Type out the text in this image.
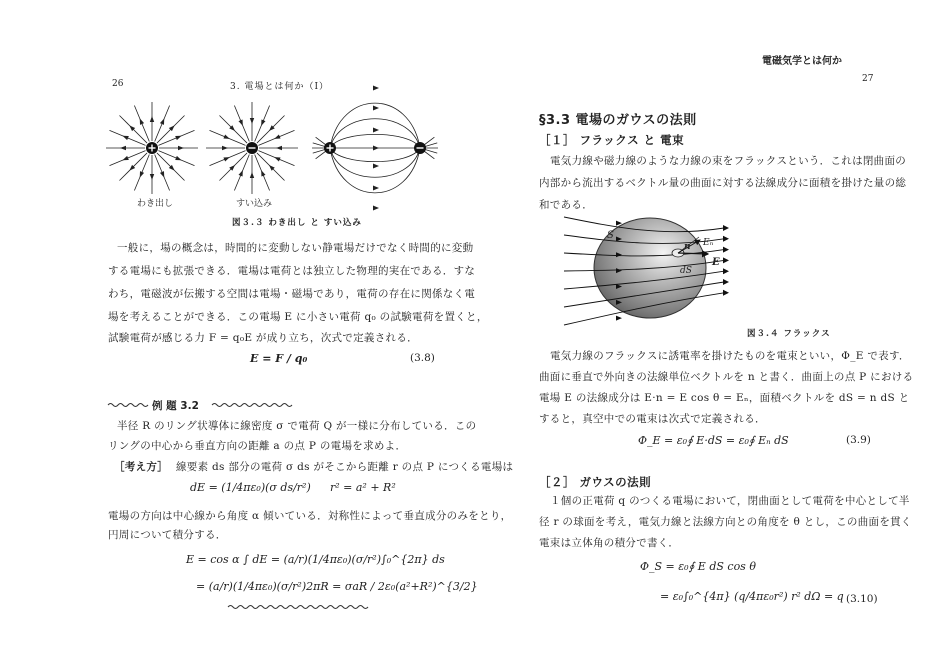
26	3. 電場とは何か（Ⅰ）
わき出し	すい込み
図３.３ わき出し と すい込み
一般に，場の概念は，時間的に変動しない静電場だけでなく時間的に変動
する電場にも拡張できる．電場は電荷とは独立した物理的実在である．すな
わち，電磁波が伝搬する空間は電場・磁場であり，電荷の存在に関係なく電
場を考えることができる．この電場 E に小さい電荷 q₀ の試験電荷を置くと，
試験電荷が感じる力 F = q₀E が成り立ち，次式で定義される．
E = F / q₀	(3.8)
例 題 3.2
半径 R のリング状導体に線密度 σ で電荷 Q が一様に分布している．この
リングの中心から垂直方向の距離 a の点 P の電場を求めよ．
［考え方］ 線要素 ds 部分の電荷 σ ds がそこから距離 r の点 P につくる電場は
dE = (1/4πε₀)(σ ds/r²) r² = a² + R²
電場の方向は中心線から角度 α 傾いている．対称性によって垂直成分のみをとり，
円周について積分する．
E = cos α ∫ dE = (a/r)(1/4πε₀)(σ/r²)∫₀^{2π} ds
= (a/r)(1/4πε₀)(σ/r²)2πR = σaR / 2ε₀(a²+R²)^{3/2}
電磁気学とは何か
27
§3.3 電場のガウスの法則
［１］ フラックス と 電束
電気力線や磁力線のような力線の束をフラックスという．これは閉曲面の
内部から流出するベクトル量の曲面に対する法線成分に面積を掛けた量の総
和である．
S
n Eₙ
E
dS
図３.４ フラックス
電気力線のフラックスに誘電率を掛けたものを電束といい，Φ_E で表す．
曲面に垂直で外向きの法線単位ベクトルを n と書く．曲面上の点 P における
電場 E の法線成分は E·n = E cos θ = Eₙ，面積ベクトルを dS = n dS と
すると，真空中での電束は次式で定義される．
Φ_E = ε₀∮ E·dS = ε₀∮ Eₙ dS	(3.9)
［２］ ガウスの法則
１個の正電荷 q のつくる電場において，閉曲面として電荷を中心として半
径 r の球面を考え，電気力線と法線方向との角度を θ とし，この曲面を貫く
電束は立体角の積分で書く．
Φ_S = ε₀∮ E dS cos θ
= ε₀∫₀^{4π} (q/4πε₀r²) r² dΩ = q (3.10)
